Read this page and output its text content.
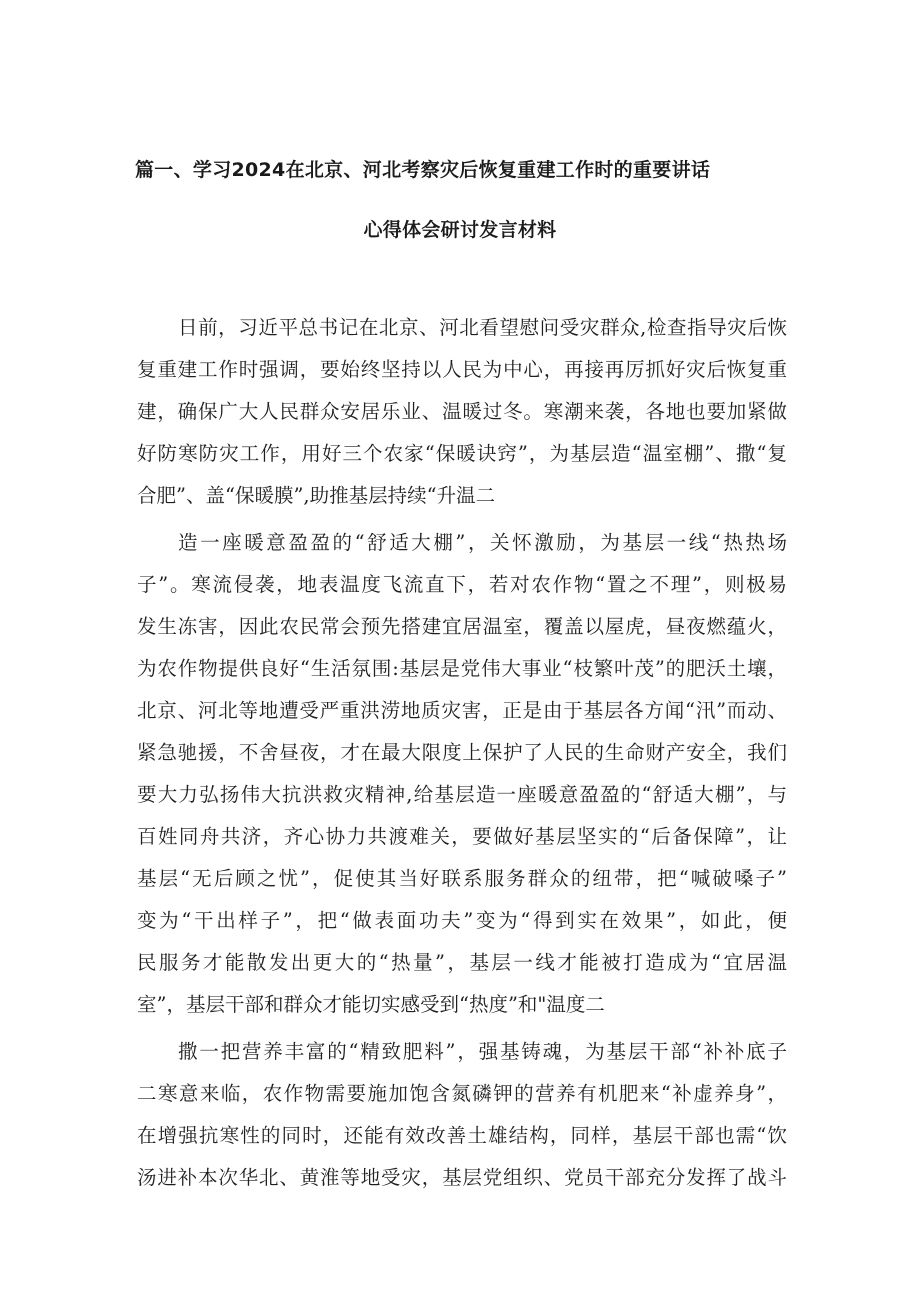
篇一、学习2024在北京、河北考察灾后恢复重建工作时的重要讲话
心得体会研讨发言材料
日前，习近平总书记在北京、河北看望慰问受灾群众,检查指导灾后恢
复重建工作时强调，要始终坚持以人民为中心，再接再厉抓好灾后恢复重
建，确保广大人民群众安居乐业、温暖过冬。寒潮来袭，各地也要加紧做
好防寒防灾工作，用好三个农家“保暖诀窍”，为基层造“温室棚”、撒“复
合肥”、盖“保暖膜”,助推基层持续“升温二
造一座暖意盈盈的“舒适大棚”，关怀激励，为基层一线“热热场
子”。寒流侵袭，地表温度飞流直下，若对农作物“置之不理”，则极易
发生冻害，因此农民常会预先搭建宜居温室，覆盖以屋虎，昼夜燃蕴火，
为农作物提供良好“生活氛围:基层是党伟大事业“枝繁叶茂”的肥沃土壤，
北京、河北等地遭受严重洪涝地质灾害，正是由于基层各方闻“汛”而动、
紧急驰援，不舍昼夜，才在最大限度上保护了人民的生命财产安全，我们
要大力弘扬伟大抗洪救灾精神,给基层造一座暖意盈盈的“舒适大棚”，与
百姓同舟共济，齐心协力共渡难关，要做好基层坚实的“后备保障”，让
基层“无后顾之忧”，促使其当好联系服务群众的纽带，把“喊破嗓子”
变为“干出样子”，把“做表面功夫”变为“得到实在效果”，如此，便
民服务才能散发出更大的“热量”，基层一线才能被打造成为“宜居温
室”，基层干部和群众才能切实感受到“热度”和"温度二
撒一把营养丰富的“精致肥料”，强基铸魂，为基层干部“补补底子
二寒意来临，农作物需要施加饱含氮磷钾的营养有机肥来“补虚养身”，
在增强抗寒性的同时，还能有效改善土雄结构，同样，基层干部也需“饮
汤进补本次华北、黄淮等地受灾，基层党组织、党员干部充分发挥了战斗
